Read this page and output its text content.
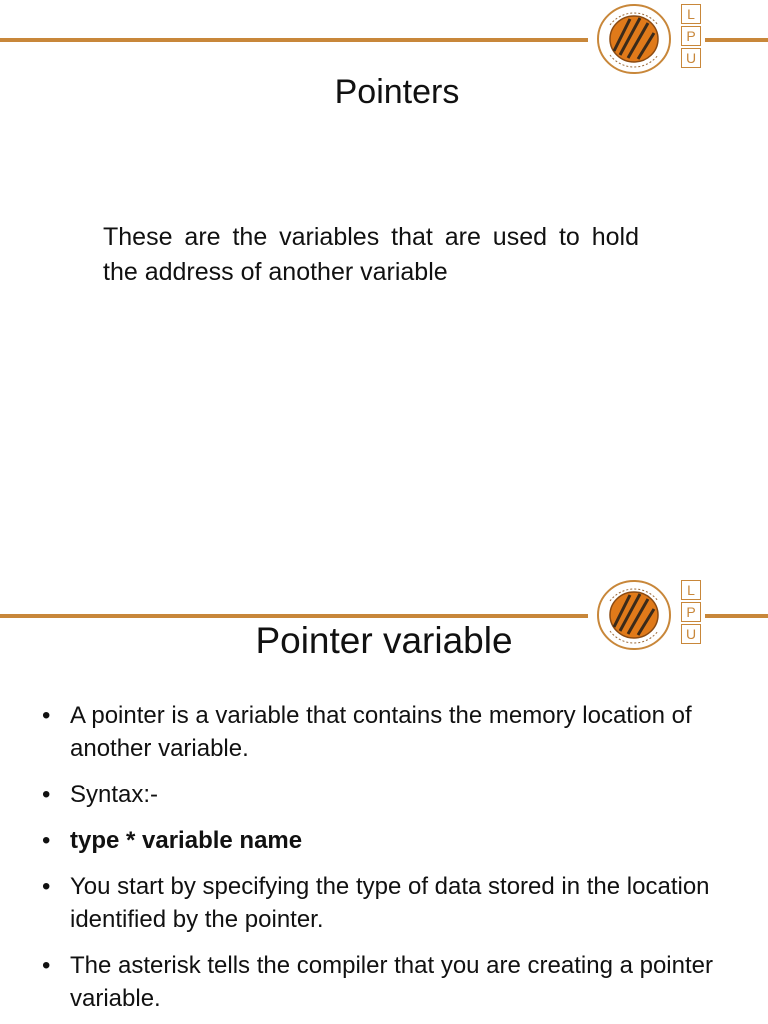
L
P
U
Pointers
These are the variables that are used to hold the address of another variable
L
P
U
Pointer variable
• A pointer is a variable that contains the memory location of another variable.
• Syntax:-
• type * variable name
• You start by specifying the type of data stored in the location identified by the pointer.
• The asterisk tells the compiler that you are creating a pointer variable.
